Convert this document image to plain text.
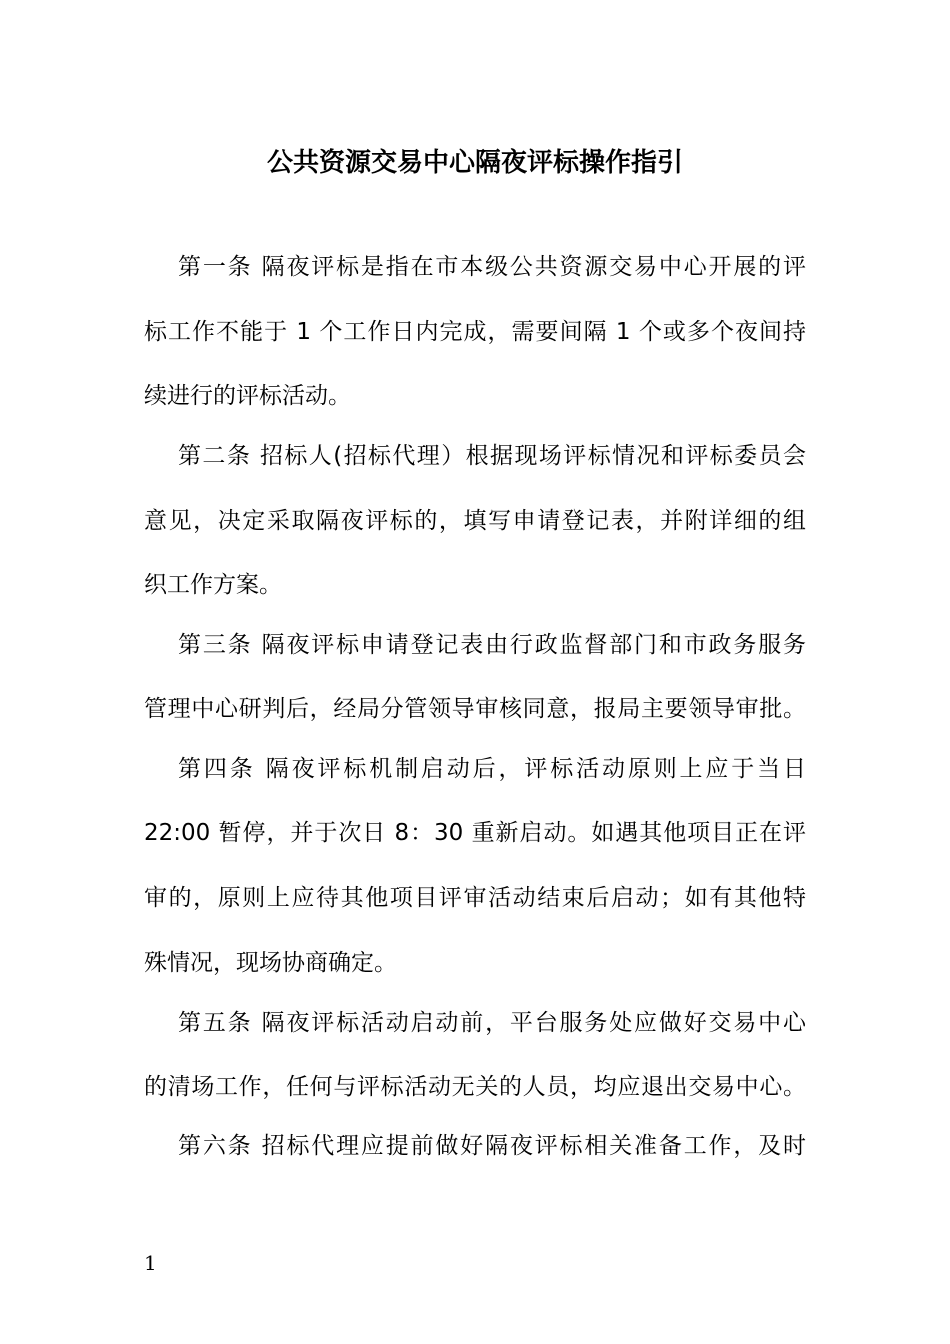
公共资源交易中心隔夜评标操作指引

第一条 隔夜评标是指在市本级公共资源交易中心开展的评

标工作不能于 1 个工作日内完成，需要间隔 1 个或多个夜间持

续进行的评标活动。

第二条 招标人(招标代理）根据现场评标情况和评标委员会

意见，决定采取隔夜评标的，填写申请登记表，并附详细的组

织工作方案。

第三条 隔夜评标申请登记表由行政监督部门和市政务服务

管理中心研判后，经局分管领导审核同意，报局主要领导审批。

第四条 隔夜评标机制启动后，评标活动原则上应于当日

22:00 暂停，并于次日 8：30 重新启动。如遇其他项目正在评

审的，原则上应待其他项目评审活动结束后启动；如有其他特

殊情况，现场协商确定。

第五条 隔夜评标活动启动前，平台服务处应做好交易中心

的清场工作，任何与评标活动无关的人员，均应退出交易中心。

第六条 招标代理应提前做好隔夜评标相关准备工作，及时

1
